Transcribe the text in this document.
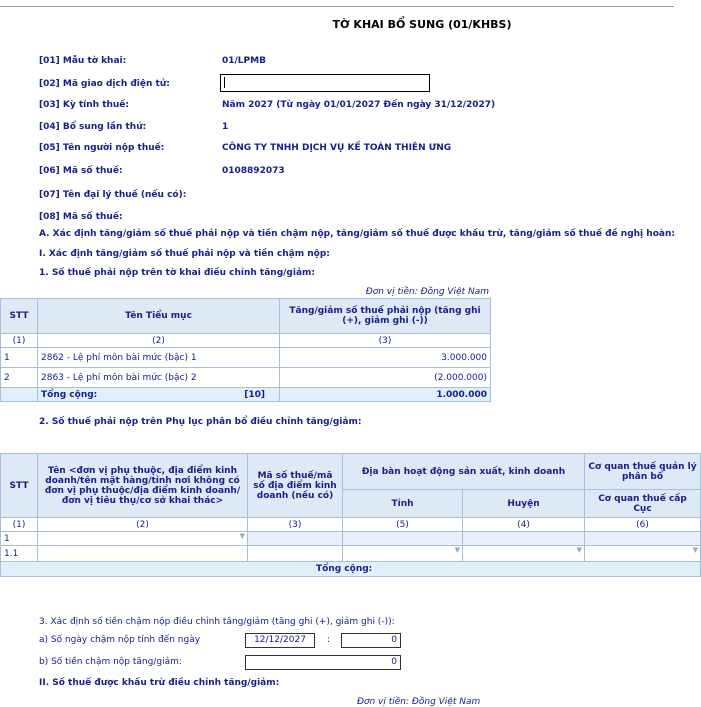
TỜ KHAI BỔ SUNG (01/KHBS)
[01] Mẫu tờ khai:	01/LPMB
[02] Mã giao dịch điện tử:
[03] Kỳ tính thuế:	Năm 2027 (Từ ngày 01/01/2027 Đến ngày 31/12/2027)
[04] Bổ sung lần thứ:	1
[05] Tên người nộp thuế:	CÔNG TY TNHH DỊCH VỤ KẾ TOÁN THIÊN ƯNG
[06] Mã số thuế:	0108892073
[07] Tên đại lý thuế (nếu có):
[08] Mã số thuế:
A. Xác định tăng/giảm số thuế phải nộp và tiền chậm nộp, tăng/giảm số thuế được khấu trừ, tăng/giảm số thuế đề nghị hoàn:
I. Xác định tăng/giảm số thuế phải nộp và tiền chậm nộp:
1. Số thuế phải nộp trên tờ khai điều chỉnh tăng/giảm:
Đơn vị tiền: Đồng Việt Nam
STT	Tên Tiểu mục	Tăng/giảm số thuế phải nộp (tăng ghi (+), giảm ghi (-))
(1)	(2)	(3)
1	2862 - Lệ phí môn bài mức (bậc) 1	3.000.000
2	2863 - Lệ phí môn bài mức (bậc) 2	(2.000.000)
	Tổng cộng: [10]	1.000.000
2. Số thuế phải nộp trên Phụ lục phân bổ điều chỉnh tăng/giảm:
STT	Tên <đơn vị phụ thuộc, địa điểm kinh doanh/tên mặt hàng/tỉnh nơi không có đơn vị phụ thuộc/địa điểm kinh doanh/đơn vị tiêu thụ/cơ sở khai thác>	Mã số thuế/mã số địa điểm kinh doanh (nếu có)	Địa bàn hoạt động sản xuất, kinh doanh		Cơ quan thuế quản lý phân bổ
			Tỉnh	Huyện	Cơ quan thuế cấp Cục
(1)	(2)	(3)	(5)	(4)	(6)
1	▼				

1.1			▼	▼	▼

Tổng cộng:					
3. Xác định số tiền chậm nộp điều chỉnh tăng/giảm (tăng ghi (+), giảm ghi (-)):
a) Số ngày chậm nộp tính đến ngày	12/12/2027	:	0
b) Số tiền chậm nộp tăng/giảm:	0
II. Số thuế được khấu trừ điều chỉnh tăng/giảm:
Đơn vị tiền: Đồng Việt Nam
